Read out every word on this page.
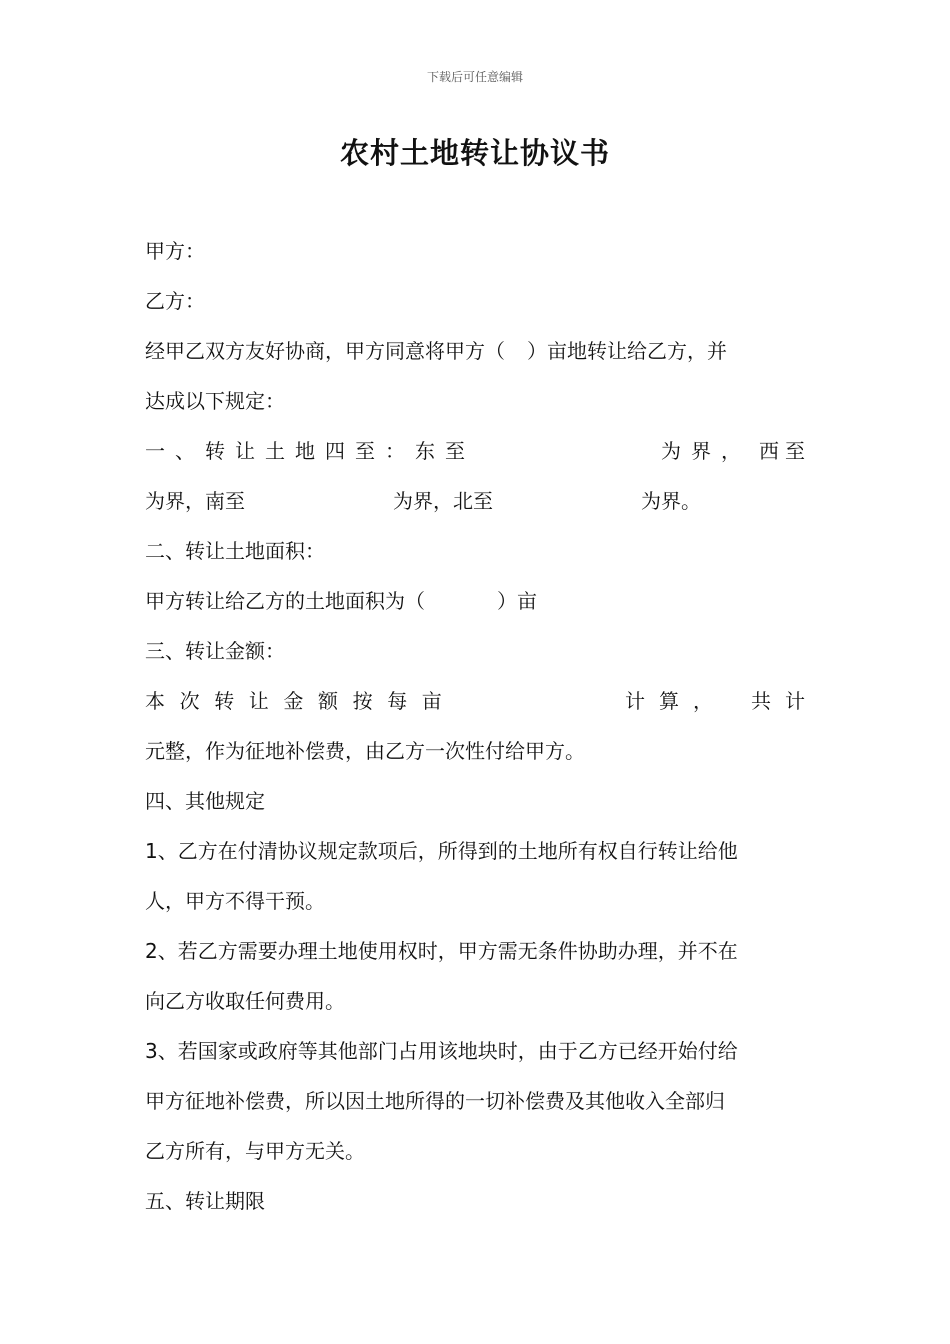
下载后可任意编辑
农村土地转让协议书
甲方：
乙方：
经甲乙双方友好协商，甲方同意将甲方（ ）亩地转让给乙方，并
达成以下规定：
一、转让土地四至：东至	为界， 西至
为界，南至	为界，北至	为界。
二、转让土地面积：
甲方转让给乙方的土地面积为（	）亩
三、转让金额：
本次转让金额按每亩	计算， 共计
元整，作为征地补偿费，由乙方一次性付给甲方。
四、其他规定
1、乙方在付清协议规定款项后，所得到的土地所有权自行转让给他
人，甲方不得干预。
2、若乙方需要办理土地使用权时，甲方需无条件协助办理，并不在
向乙方收取任何费用。
3、若国家或政府等其他部门占用该地块时，由于乙方已经开始付给
甲方征地补偿费，所以因土地所得的一切补偿费及其他收入全部归
乙方所有，与甲方无关。
五、转让期限
